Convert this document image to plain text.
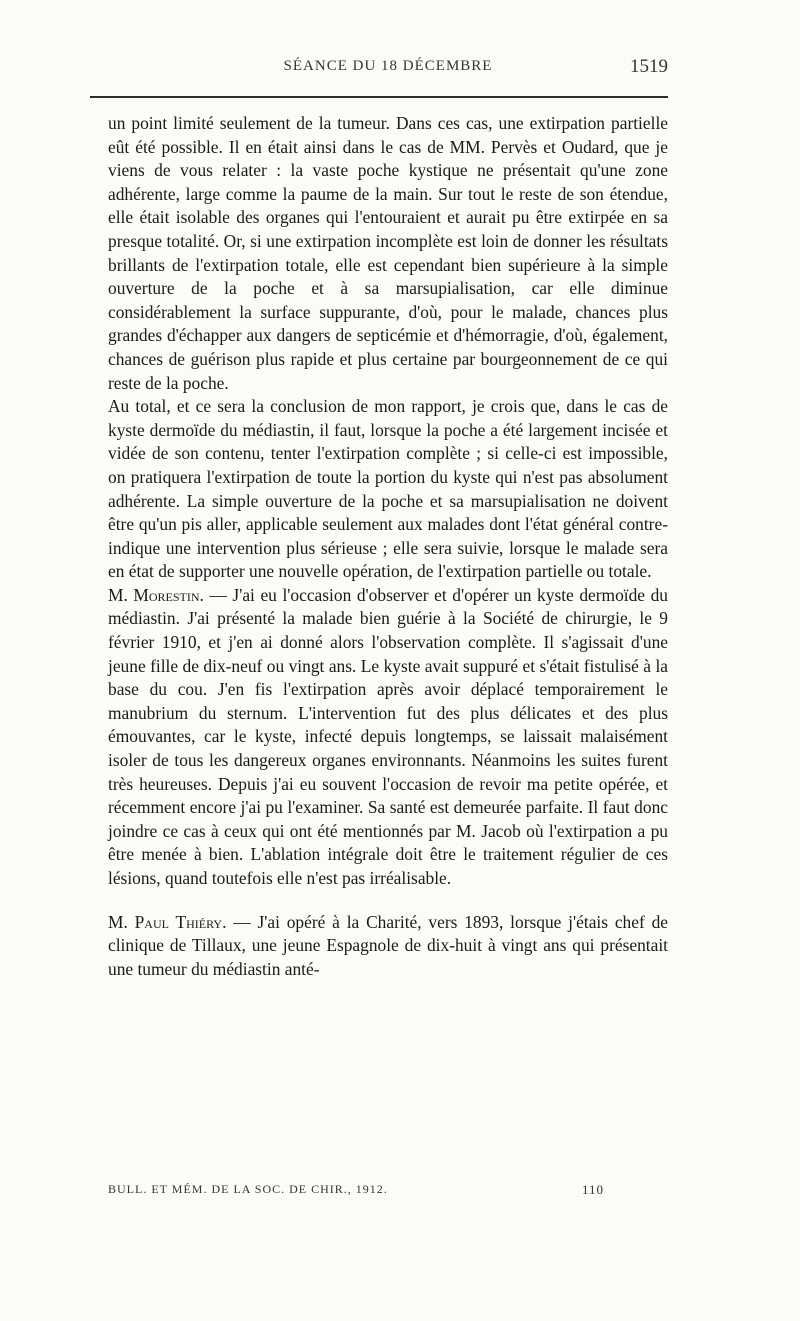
SÉANCE DU 18 DÉCEMBRE	1519

un point limité seulement de la tumeur. Dans ces cas, une extirpation partielle eût été possible. Il en était ainsi dans le cas de MM. Pervès et Oudard, que je viens de vous relater : la vaste poche kystique ne présentait qu'une zone adhérente, large comme la paume de la main. Sur tout le reste de son étendue, elle était isolable des organes qui l'entouraient et aurait pu être extirpée en sa presque totalité. Or, si une extirpation incomplète est loin de donner les résultats brillants de l'extirpation totale, elle est cependant bien supérieure à la simple ouverture de la poche et à sa marsupialisation, car elle diminue considérablement la surface suppurante, d'où, pour le malade, chances plus grandes d'échapper aux dangers de septicémie et d'hémorragie, d'où, également, chances de guérison plus rapide et plus certaine par bourgeonnement de ce qui reste de la poche.

Au total, et ce sera la conclusion de mon rapport, je crois que, dans le cas de kyste dermoïde du médiastin, il faut, lorsque la poche a été largement incisée et vidée de son contenu, tenter l'extirpation complète ; si celle-ci est impossible, on pratiquera l'extirpation de toute la portion du kyste qui n'est pas absolument adhérente. La simple ouverture de la poche et sa marsupialisation ne doivent être qu'un pis aller, applicable seulement aux malades dont l'état général contre-indique une intervention plus sérieuse ; elle sera suivie, lorsque le malade sera en état de supporter une nouvelle opération, de l'extirpation partielle ou totale.

M. Morestin. — J'ai eu l'occasion d'observer et d'opérer un kyste dermoïde du médiastin. J'ai présenté la malade bien guérie à la Société de chirurgie, le 9 février 1910, et j'en ai donné alors l'observation complète. Il s'agissait d'une jeune fille de dix-neuf ou vingt ans. Le kyste avait suppuré et s'était fistulisé à la base du cou. J'en fis l'extirpation après avoir déplacé temporairement le manubrium du sternum. L'intervention fut des plus délicates et des plus émouvantes, car le kyste, infecté depuis longtemps, se laissait malaisément isoler de tous les dangereux organes environnants. Néanmoins les suites furent très heureuses. Depuis j'ai eu souvent l'occasion de revoir ma petite opérée, et récemment encore j'ai pu l'examiner. Sa santé est demeurée parfaite. Il faut donc joindre ce cas à ceux qui ont été mentionnés par M. Jacob où l'extirpation a pu être menée à bien. L'ablation intégrale doit être le traitement régulier de ces lésions, quand toutefois elle n'est pas irréalisable.

M. Paul Thiéry. — J'ai opéré à la Charité, vers 1893, lorsque j'étais chef de clinique de Tillaux, une jeune Espagnole de dix-huit à vingt ans qui présentait une tumeur du médiastin anté-

BULL. ET MÉM. DE LA SOC. DE CHIR., 1912.	110
